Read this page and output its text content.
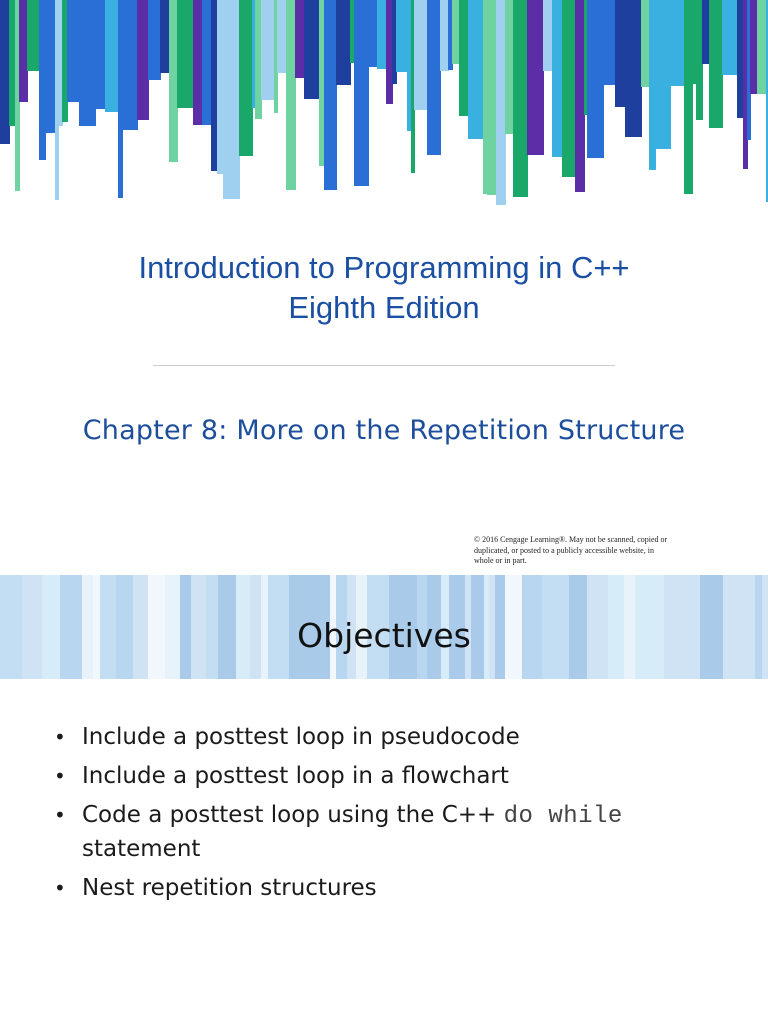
Introduction to Programming in C++
Eighth Edition
Chapter 8: More on the Repetition Structure
© 2016 Cengage Learning®. May not be scanned, copied or
duplicated, or posted to a publicly accessible website, in
whole or in part.
Objectives
• Include a posttest loop in pseudocode
• Include a posttest loop in a flowchart
• Code a posttest loop using the C++ do while
statement
• Nest repetition structures
